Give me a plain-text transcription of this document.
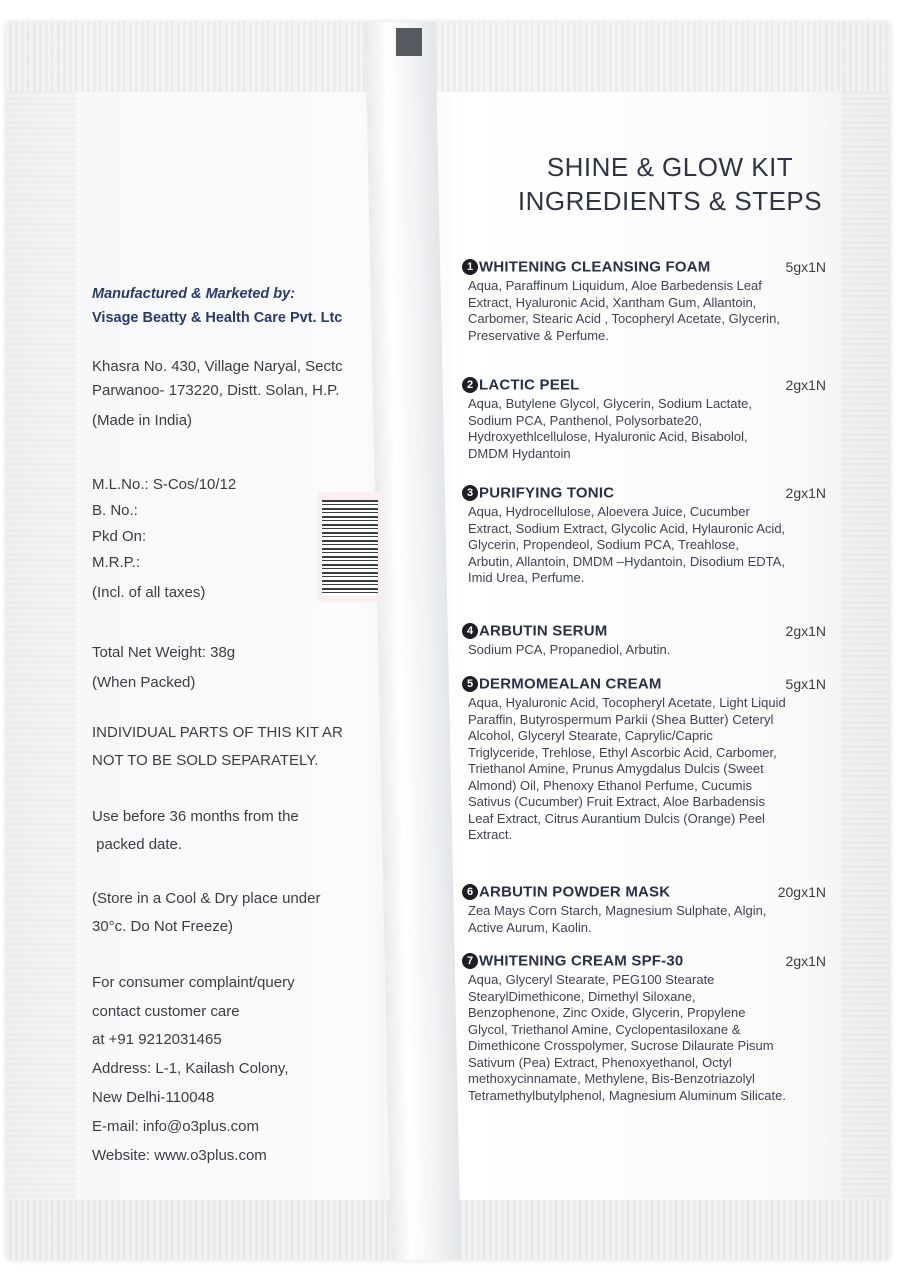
Manufactured & Marketed by:
Visage Beatty & Health Care Pvt. Ltc
Khasra No. 430, Village Naryal, Sectc
Parwanoo- 173220, Distt. Solan, H.P.
(Made in India)
M.L.No.: S-Cos/10/12
B. No.:
Pkd On:
M.R.P.:
(Incl. of all taxes)
Total Net Weight: 38g
(When Packed)
INDIVIDUAL PARTS OF THIS KIT AR
NOT TO BE SOLD SEPARATELY.
Use before 36 months from the
packed date.
(Store in a Cool & Dry place under
30°c. Do Not Freeze)
For consumer complaint/query
contact customer care
at +91 9212031465
Address: L-1, Kailash Colony,
New Delhi-110048
E-mail: info@o3plus.com
Website: www.o3plus.com
SHINE & GLOW KIT
INGREDIENTS & STEPS
1 WHITENING CLEANSING FOAM	5gx1N
Aqua, Paraffinum Liquidum, Aloe Barbedensis Leaf Extract, Hyaluronic Acid, Xantham Gum, Allantoin, Carbomer, Stearic Acid , Tocopheryl Acetate, Glycerin, Preservative & Perfume.
2 LACTIC PEEL	2gx1N
Aqua, Butylene Glycol, Glycerin, Sodium Lactate, Sodium PCA, Panthenol, Polysorbate20, Hydroxyethlcellulose, Hyaluronic Acid, Bisabolol, DMDM Hydantoin
3 PURIFYING TONIC	2gx1N
Aqua, Hydrocellulose, Aloevera Juice, Cucumber Extract, Sodium Extract, Glycolic Acid, Hylauronic Acid, Glycerin, Propendeol, Sodium PCA, Treahlose, Arbutin, Allantoin, DMDM –Hydantoin, Disodium EDTA, Imid Urea, Perfume.
4 ARBUTIN SERUM	2gx1N
Sodium PCA, Propanediol, Arbutin.
5 DERMOMEALAN CREAM	5gx1N
Aqua, Hyaluronic Acid, Tocopheryl Acetate, Light Liquid Paraffin, Butyrospermum Parkii (Shea Butter) Ceteryl Alcohol, Glyceryl Stearate, Caprylic/Capric Triglyceride, Trehlose, Ethyl Ascorbic Acid, Carbomer, Triethanol Amine, Prunus Amygdalus Dulcis (Sweet Almond) Oil, Phenoxy Ethanol Perfume, Cucumis Sativus (Cucumber) Fruit Extract, Aloe Barbadensis Leaf Extract, Citrus Aurantium Dulcis (Orange) Peel Extract.
6 ARBUTIN POWDER MASK	20gx1N
Zea Mays Corn Starch, Magnesium Sulphate, Algin, Active Aurum, Kaolin.
7 WHITENING CREAM SPF-30	2gx1N
Aqua, Glyceryl Stearate, PEG100 Stearate StearylDimethicone, Dimethyl Siloxane, Benzophenone, Zinc Oxide, Glycerin, Propylene Glycol, Triethanol Amine, Cyclopentasiloxane & Dimethicone Crosspolymer, Sucrose Dilaurate Pisum Sativum (Pea) Extract, Phenoxyethanol, Octyl methoxycinnamate, Methylene, Bis-Benzotriazolyl Tetramethylbutylphenol, Magnesium Aluminum Silicate.
